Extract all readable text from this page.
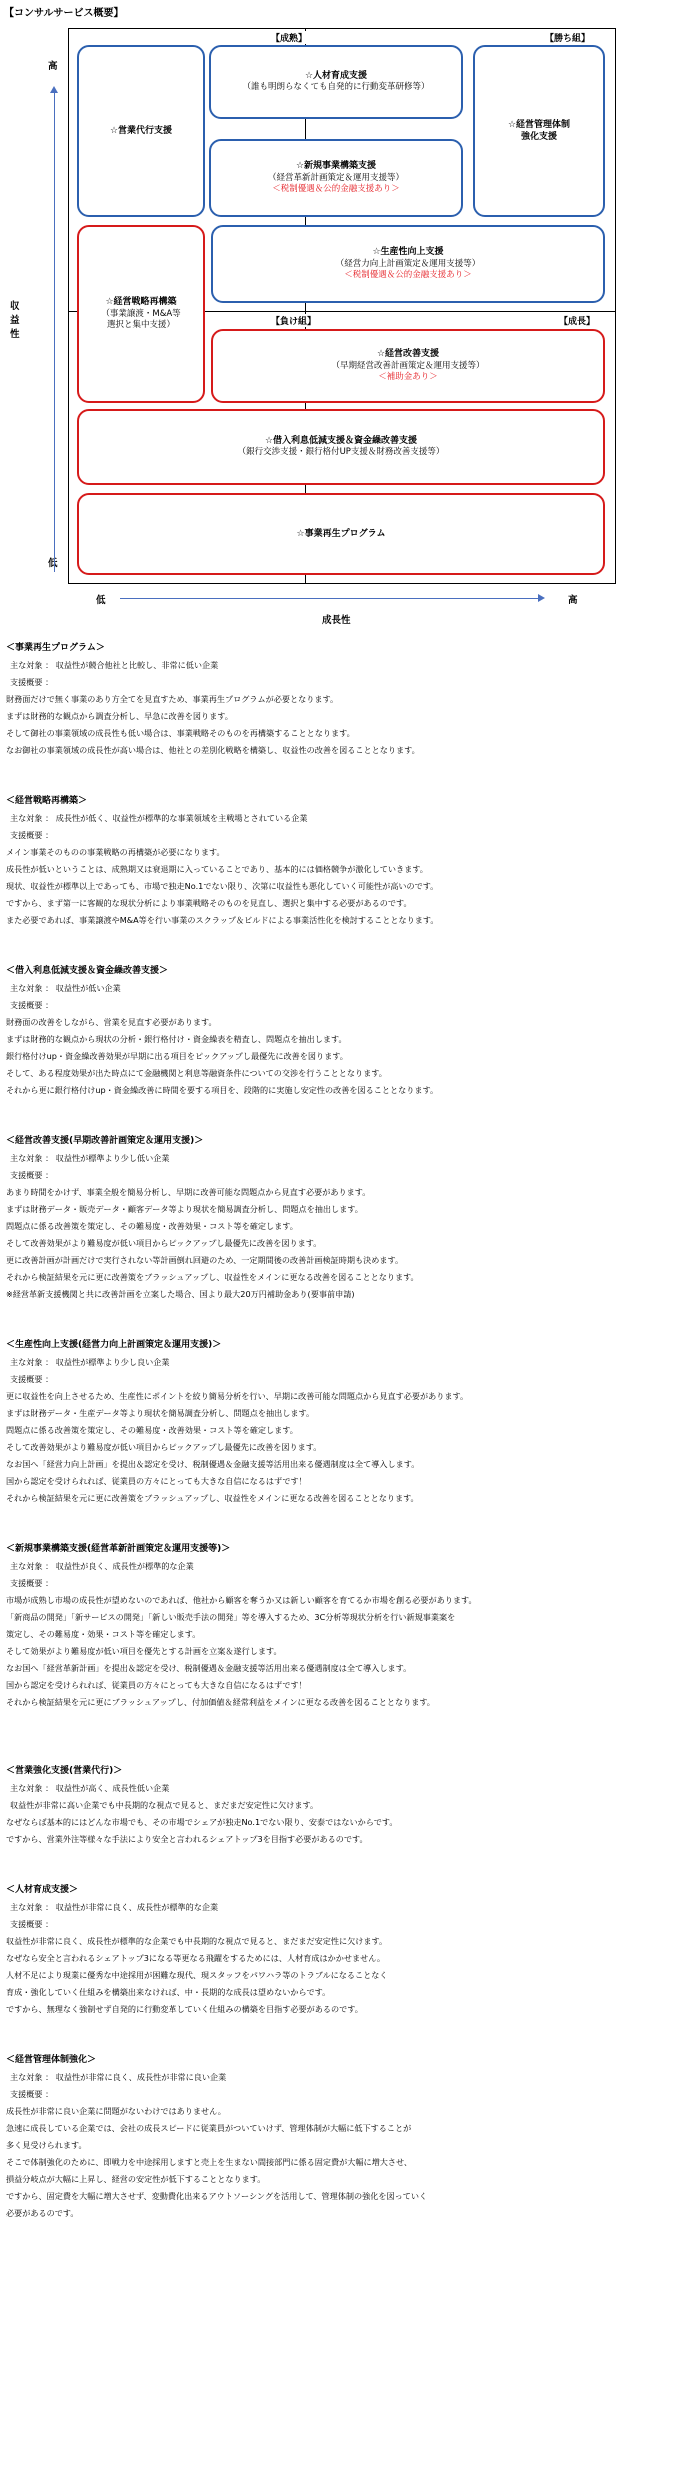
【コンサルサービス概要】
高
収
益
性
低
【成熟】	【勝ち組】
【負け組】	【成長】
☆営業代行支援
☆人材育成支援
（誰も明朗らなくても自発的に行動変革研修等）
☆経営管理体制
強化支援
☆新規事業構築支援
（経営革新計画策定＆運用支援等）
＜税制優遇＆公的金融支援あり＞
☆経営戦略再構築
（事業譲渡・M&A等
選択と集中支援）
☆生産性向上支援
（経営力向上計画策定＆運用支援等）
＜税制優遇＆公的金融支援あり＞
☆経営改善支援
（早期経営改善計画策定＆運用支援等）
＜補助金あり＞
☆借入利息低減支援＆資金繰改善支援
（銀行交渉支援・銀行格付UP支援＆財務改善支援等）
☆事業再生プログラム
低	高
成長性
＜事業再生プログラム＞
主な対象 ： 収益性が競合他社と比較し、非常に低い企業
支援概要 ：
財務面だけで無く事業のあり方全てを見直すため、事業再生プログラムが必要となります。
まずは財務的な観点から調査分析し、早急に改善を図ります。
そして御社の事業領域の成長性も低い場合は、事業戦略そのものを再構築することとなります。
なお御社の事業領域の成長性が高い場合は、他社との差別化戦略を構築し、収益性の改善を図ることとなります。
＜経営戦略再構築＞
主な対象 ： 成長性が低く、収益性が標準的な事業領域を主戦場とされている企業
支援概要 ：
メイン事業そのものの事業戦略の再構築が必要になります。
成長性が低いということは、成熟期又は衰退期に入っていることであり、基本的には価格競争が激化していきます。
現状、収益性が標準以上であっても、市場で独走No.1でない限り、次第に収益性も悪化していく可能性が高いのです。
ですから、まず第一に客観的な現状分析により事業戦略そのものを見直し、選択と集中する必要があるのです。
また必要であれば、事業譲渡やM&A等を行い事業のスクラップ＆ビルドによる事業活性化を検討することとなります。
＜借入利息低減支援＆資金繰改善支援＞
主な対象 ： 収益性が低い企業
支援概要 ：
財務面の改善をしながら、営業を見直す必要があります。
まずは財務的な観点から現状の分析・銀行格付け・資金繰表を精査し、問題点を抽出します。
銀行格付けup・資金繰改善効果が早期に出る項目をピックアップし最優先に改善を図ります。
そして、ある程度効果が出た時点にて金融機関と利息等融資条件についての交渉を行うこととなります。
それから更に銀行格付けup・資金繰改善に時間を要する項目を、段階的に実施し安定性の改善を図ることとなります。
＜経営改善支援(早期改善計画策定＆運用支援)＞
主な対象 ： 収益性が標準より少し低い企業
支援概要 ：
あまり時間をかけず、事業全般を簡易分析し、早期に改善可能な問題点から見直す必要があります。
まずは財務データ・販売データ・顧客データ等より現状を簡易調査分析し、問題点を抽出します。
問題点に係る改善策を策定し、その難易度・改善効果・コスト等を確定します。
そして改善効果がより難易度が低い項目からピックアップし最優先に改善を図ります。
更に改善計画が計画だけで実行されない等計画倒れ回避のため、一定期間後の改善計画検証時期も決めます。
それから検証結果を元に更に改善策をブラッシュアップし、収益性をメインに更なる改善を図ることとなります。
※経営革新支援機関と共に改善計画を立案した場合、国より最大20万円補助金あり(要事前申請)
＜生産性向上支援(経営力向上計画策定＆運用支援)＞
主な対象 ： 収益性が標準より少し良い企業
支援概要 ：
更に収益性を向上させるため、生産性にポイントを絞り簡易分析を行い、早期に改善可能な問題点から見直す必要があります。
まずは財務データ・生産データ等より現状を簡易調査分析し、問題点を抽出します。
問題点に係る改善策を策定し、その難易度・改善効果・コスト等を確定します。
そして改善効果がより難易度が低い項目からピックアップし最優先に改善を図ります。
なお国へ「経営力向上計画」を提出＆認定を受け、税制優遇＆金融支援等活用出来る優遇制度は全て導入します。
国から認定を受けられれば、従業員の方々にとっても大きな自信になるはずです！
それから検証結果を元に更に改善策をブラッシュアップし、収益性をメインに更なる改善を図ることとなります。
＜新規事業構築支援(経営革新計画策定＆運用支援等)＞
主な対象 ： 収益性が良く、成長性が標準的な企業
支援概要 ：
市場が成熟し市場の成長性が望めないのであれば、他社から顧客を奪うか又は新しい顧客を育てるか市場を創る必要があります。
「新商品の開発」「新サービスの開発」「新しい販売手法の開発」等を導入するため、3C分析等現状分析を行い新規事業案を
策定し、その難易度・効果・コスト等を確定します。
そして効果がより難易度が低い項目を優先とする計画を立案＆遂行します。
なお国へ「経営革新計画」を提出＆認定を受け、税制優遇＆金融支援等活用出来る優遇制度は全て導入します。
国から認定を受けられれば、従業員の方々にとっても大きな自信になるはずです！
それから検証結果を元に更にブラッシュアップし、付加価値＆経常利益をメインに更なる改善を図ることとなります。
＜営業強化支援(営業代行)＞
主な対象 ： 収益性が高く、成長性低い企業
収益性が非常に高い企業でも中長期的な視点で見ると、まだまだ安定性に欠けます。
なぜならば基本的にはどんな市場でも、その市場でシェアが独走No.1でない限り、安泰ではないからです。
ですから、営業外注等様々な手法により安全と言われるシェアトップ3を目指す必要があるのです。
＜人材育成支援＞
主な対象 ： 収益性が非常に良く、成長性が標準的な企業
支援概要 ：
収益性が非常に良く、成長性が標準的な企業でも中長期的な視点で見ると、まだまだ安定性に欠けます。
なぜなら安全と言われるシェアトップ3になる等更なる飛躍をするためには、人材育成はかかせません。
人材不足により現業に優秀な中途採用が困難な現代、現スタッフをパワハラ等のトラブルになることなく
育成・強化していく仕組みを構築出来なければ、中・長期的な成長は望めないからです。
ですから、無理なく強制せず自発的に行動変革していく仕組みの構築を目指す必要があるのです。
＜経営管理体制強化＞
主な対象 ： 収益性が非常に良く、成長性が非常に良い企業
支援概要 ：
成長性が非常に良い企業に問題がないわけではありません。
急速に成長している企業では、会社の成長スピードに従業員がついていけず、管理体制が大幅に低下することが
多く見受けられます。
そこで体制強化のために、即戦力を中途採用しますと売上を生まない間接部門に係る固定費が大幅に増大させ、
損益分岐点が大幅に上昇し、経営の安定性が低下することとなります。
ですから、固定費を大幅に増大させず、変動費化出来るアウトソーシングを活用して、管理体制の強化を図っていく
必要があるのです。
